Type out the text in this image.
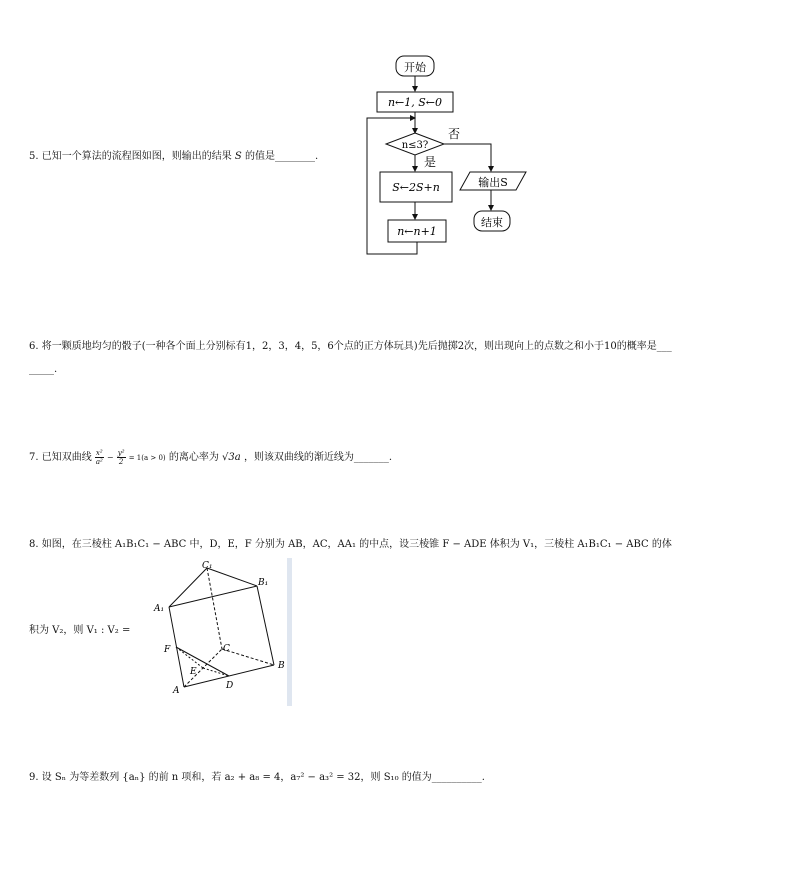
5. 已知一个算法的流程图如图，则输出的结果 S 的值是________.
开始
n←1, S←0
n≤3?
否
是
输出S
结束
S←2S+n
n←n+1
6. 将一颗质地均匀的骰子(一种各个面上分别标有1，2，3，4，5，6个点的正方体玩具)先后抛掷2次，则出现向上的点数之和小于10的概率是___
_____.
7. 已知双曲线 $\frac{\text{x²}}{\text{a²}} - \frac{\text{y²}}{2} = 1(a > 0)$ 的离心率为 √3a ，则该双曲线的渐近线为_______.
8. 如图，在三棱柱 A₁B₁C₁ − ABC 中，D，E，F 分别为 AB，AC，AA₁ 的中点，设三棱锥 F − ADE 体积为 V₁，三棱柱 A₁B₁C₁ − ABC 的体
积为 V₂，则 V₁ : V₂ =
C₁
B₁
A₁
C
B
F
E
D
A
9. 设 Sₙ 为等差数列 {aₙ} 的前 n 项和，若 a₂ + a₈ = 4，a₇² − a₃² = 32，则 S₁₀ 的值为__________.
